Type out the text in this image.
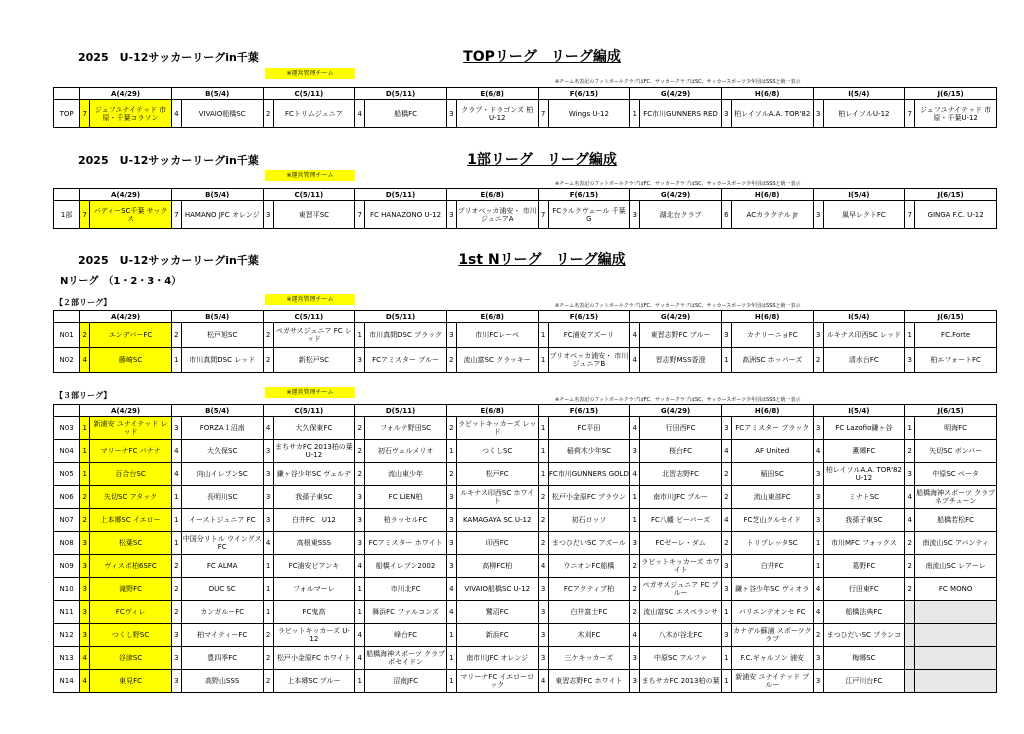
2025　U-12サッカーリーグin千葉	TOPリーグ　リーグ編成
※運営管理チーム
※チーム名表記のフットボールクラブはFC、サッカークラブはSC、サッカースポーツ少年団はSSSと統一表示
	A(4/29)		B(5/4)		C(5/11)		D(5/11)		E(6/8)		F(6/15)		G(4/29)		H(6/8)		I(5/4)		J(6/15)	
TOP	7	ジェフユナイテッド 市原・千葉コラソン	4	VIVAIO船橋SC	2	FCトリムジュニア	4	船橋FC	3	クラブ・ドラゴンズ 柏 U-12	7	Wings U-12	1	FC市川GUNNERS RED	3	柏レイソルA.A. TOR'82	3	柏レイソルU-12	7	ジェフユナイテッド 市原・千葉U-12
2025　U-12サッカーリーグin千葉	1部リーグ　リーグ編成
※運営管理チーム
※チーム名表記のフットボールクラブはFC、サッカークラブはSC、サッカースポーツ少年団はSSSと統一表示
	A(4/29)		B(5/4)		C(5/11)		D(5/11)		E(6/8)		F(6/15)		G(4/29)		H(6/8)		I(5/4)		J(6/15)	
1部	7	バディーSC千葉 サックス	7	HAMANO JFC オレンジ	3	東習平SC	7	FC HANAZONO U-12	3	プリオベッカ浦安・ 市川ジュニアA	7	FCラルクヴェール 千葉 G	3	湖北台クラブ	6	ACカラクテル Jr	3	風早レクトFC	7	GINGA F.C. U-12
2025　U-12サッカーリーグin千葉	1st Nリーグ　リーグ編成
Nリーグ　（1・2・3・4）
【２部リーグ】	※運営管理チーム
※チーム名表記のフットボールクラブはFC、サッカークラブはSC、サッカースポーツ少年団はSSSと統一表示
	A(4/29)		B(5/4)		C(5/11)		D(5/11)		E(6/8)		F(6/15)		G(4/29)		H(6/8)		I(5/4)		J(6/15)	
N01	2	エンデバーFC	2	松戸旭SC	2	ペガサスジュニア FC レッド	1	市川真間DSC ブラック	3	市川FCレーベ	1	FC浦安アズーリ	4	東習志野FC ブルー	3	カナリーニョFC	3	ルキナス印西SC レッド	1	FC.Forte
N02	4	藤崎SC	1	市川真間DSC レッド	2	新松戸SC	3	FCアミスター ブルー	2	流山富SC クラッキー	1	プリオベッカ浦安・ 市川ジュニアB	4	習志野MSS香澄	1	高洲SC ホッパーズ	2	清水台FC	3	柏エフォートFC
【３部リーグ】	※運営管理チーム
※チーム名表記のフットボールクラブはFC、サッカークラブはSC、サッカースポーツ少年団はSSSと統一表示
	A(4/29)		B(5/4)		C(5/11)		D(5/11)		E(6/8)		F(6/15)		G(4/29)		H(6/8)		I(5/4)		J(6/15)	
N03	1	新浦安 ユナイテッド レッド	3	FORZA１沼南	4	大久保東FC	2	フォルテ野田SC	2	ラビットキッカーズ レッド	1	FC平田	4	行田西FC	3	FCアミスター ブラック	3	FC Lazofio鎌ヶ谷	1	明海FC
N04	1	マリーナFC バナナ	4	大久保SC	3	まちサカFC 2013柏の葉U-12	2	初石ヴェルメリオ	1	つくしSC	1	稲荷木少年SC	3	桜台FC	4	AF United	4	薫郷FC	2	矢切SC ボンバー
N05	1	百合台SC	4	向山イレブンSC	3	鎌ヶ谷少年SC ヴェルデ	2	流山東少年	2	松戸FC	1	FC市川GUNNERS GOLD	4	北習志野FC	2	稲田SC	3	柏レイソルA.A. TOR'82 U-12	3	中原SC ベータ
N06	2	矢切SC アタック	1	長明川SC	3	我孫子東SC	3	FC LIEN柏	3	ルキナス印西SC ホワイト	2	松戸小金原FC ブラウン	1	南市川JFC ブルー	2	流山東部FC	3	ミナトSC	4	船橋海神スポーツ クラブ ネプチューン
N07	2	上本郷SC イエロー	1	イーストジュニア FC	3	白井FC　U12	3	柏ラッセルFC	3	KAMAGAYA SC U-12	2	初石ロッソ	1	FC八幡 ビーバーズ	4	FC芝山クルセイド	3	我孫子東SC	4	船橋若松FC
N08	3	松葉SC	1	中国分リトル ウイングスFC	4	高根東SSS	3	FCアミスター ホワイト	3	印西FC	2	まつひだいSC アズール	3	FCゼーレ・ダム	2	トリプレッタSC	1	市川MFC フォックス	2	南流山SC アバンティ
N09	3	ヴィスポ柏6SFC	2	FC ALMA	1	FC浦安ピアンキ	4	船橋イレブン2002	3	高柳FC柏	4	ウニオンFC船橋	2	ラビットキッカーズ ホワイト	3	白井FC	1	葛野FC	2	南流山SC レアーレ
N10	3	滝野FC	2	DUC SC	1	フォルマーレ	1	市川北FC	4	VIVAIO船橋SC U-12	3	FCアクティブ柏	2	ペガサスジュニア FC ブルー	3	鎌ヶ谷少年SC ヴィオラ	4	行田東FC	2	FC MONO
N11	3	FCヴィレ	2	カンガルーFC	1	FC鬼高	1	舞浜FC ファルコンズ	4	鷺沼FC	3	白井富士FC	2	流山富SC エスペランサ	1	バリエンテオンセ FC	4	船橋法典FC		
N12	3	つくし野SC	3	柏マイティーFC	2	ラビットキッカーズ U-12	4	峰台FC	1	新浜FC	3	木刈FC	4	八木が谷北FC	3	カナデル蘇浦 スポーツクラブ	2	まつひだいSC ブランコ		
N13	4	谷津SC	3	豊四季FC	2	松戸小金原FC ホワイト	4	船橋海神スポーツ クラブ ポセイドン	1	南市川JFC オレンジ	3	三ケキッカーズ	3	中原SC アルファ	1	F.C.ギャルソン 浦安	3	梅郷SC		
N14	4	東見FC	3	高野山SSS	2	上本郷SC ブルー	1	沼南JFC	1	マリーナFC イエローロック	4	東習志野FC ホワイト	3	まちサカFC 2013柏の葉	1	新浦安 ユナイテッド ブルー	3	江戸川台FC		
